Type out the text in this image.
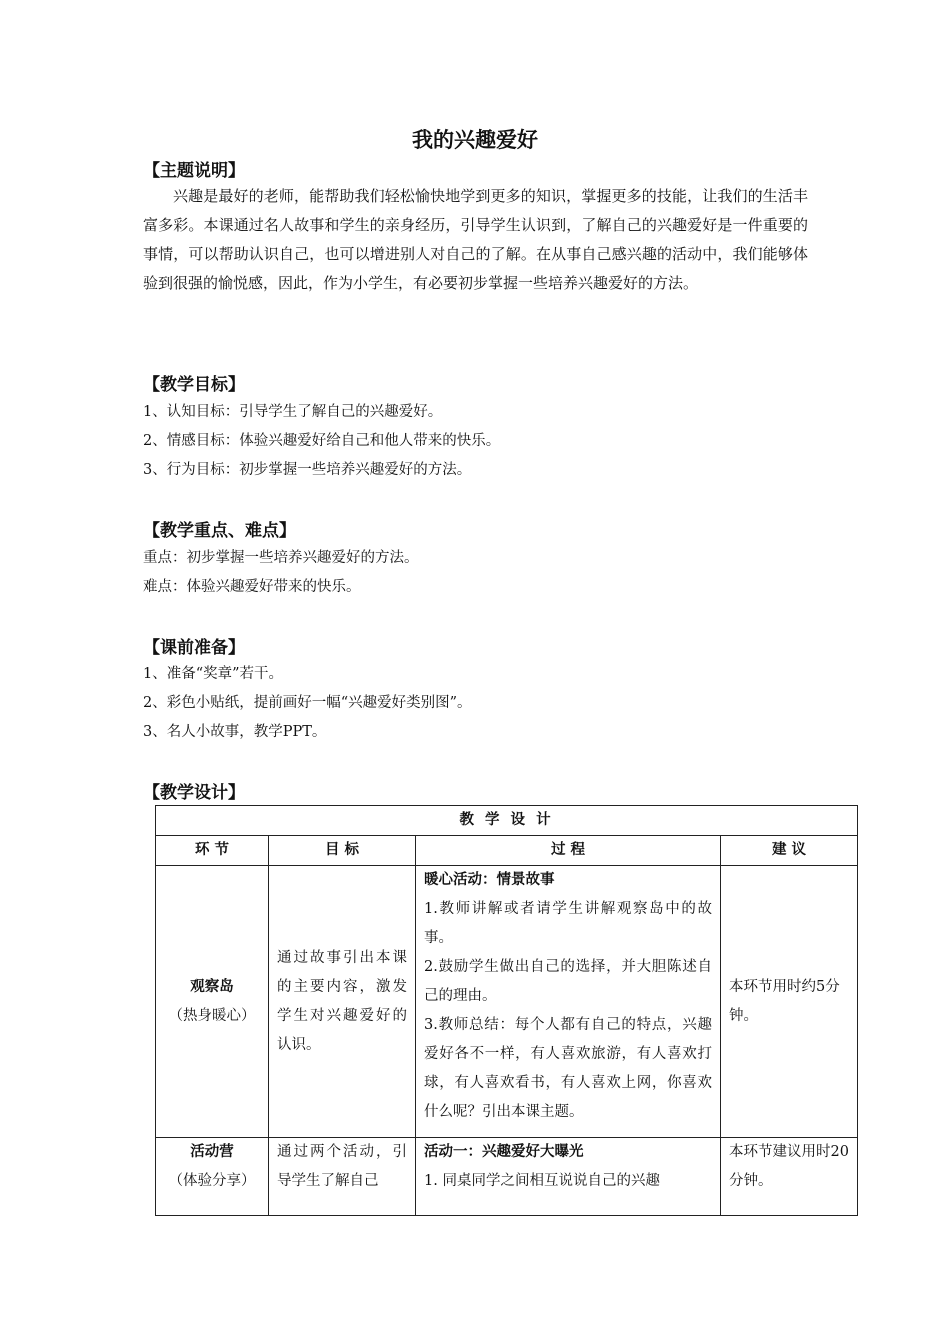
我的兴趣爱好
【主题说明】

兴趣是最好的老师，能帮助我们轻松愉快地学到更多的知识，掌握更多的技能，让我们的生活丰富多彩。本课通过名人故事和学生的亲身经历，引导学生认识到，了解自己的兴趣爱好是一件重要的事情，可以帮助认识自己，也可以增进别人对自己的了解。在从事自己感兴趣的活动中，我们能够体验到很强的愉悦感，因此，作为小学生，有必要初步掌握一些培养兴趣爱好的方法。

【教学目标】
1、认知目标：引导学生了解自己的兴趣爱好。
2、情感目标：体验兴趣爱好给自己和他人带来的快乐。
3、行为目标：初步掌握一些培养兴趣爱好的方法。
【教学重点、难点】
重点：初步掌握一些培养兴趣爱好的方法。
难点：体验兴趣爱好带来的快乐。
【课前准备】
1、准备“奖章”若干。
2、彩色小贴纸，提前画好一幅“兴趣爱好类别图”。
3、名人小故事，教学PPT。
【教学设计】
教 学 设 计			
环 节	目 标	过 程	建 议

观察岛
（热身暖心）	通过故事引出本课的主要内容，激发学生对兴趣爱好的认识。	暖心活动：情景故事
1.教师讲解或者请学生讲解观察岛中的故事。
2.鼓励学生做出自己的选择，并大胆陈述自己的理由。
3.教师总结：每个人都有自己的特点，兴趣爱好各不一样，有人喜欢旅游，有人喜欢打球，有人喜欢看书，有人喜欢上网，你喜欢什么呢？引出本课主题。	本环节用时约5分钟。

活动营
（体验分享）	通过两个活动，引导学生了解自己	活动一：兴趣爱好大曝光
1. 同桌同学之间相互说说自己的兴趣	本环节建议用时20分钟。
